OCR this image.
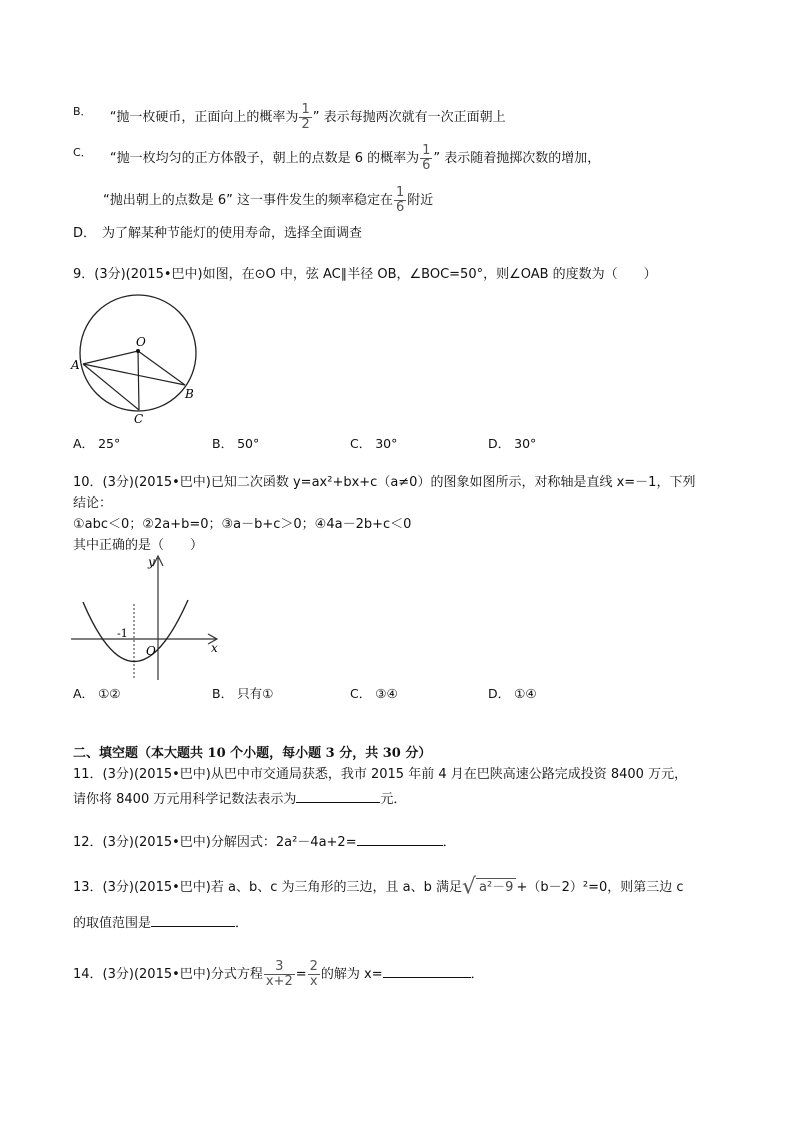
$^{B.}$ “抛一枚硬币，正面向上的概率为 $\frac{1}{2}$ ” 表示每抛两次就有一次正面朝上
$^{C.}$ “抛一枚均匀的正方体骰子，朝上的点数是 6 的概率为 $\frac{1}{6}$ ” 表示随着抛掷次数的增加，
“抛出朝上的点数是 6” 这一事件发生的频率稳定在 $\frac{1}{6}$ 附近
D． 为了解某种节能灯的使用寿命，选择全面调查
9．(3分)(2015•巴中)如图，在⊙O 中，弦 AC∥半径 OB，∠BOC=50°，则∠OAB 的度数为（　　）
O
A
B
C
A． 25°	B． 50°	C． 30°	D． 30°
10．(3分)(2015•巴中)已知二次函数 y=ax²+bx+c（a≠0）的图象如图所示，对称轴是直线 x=－1，下列
结论：
①abc＜0；②2a+b=0；③a－b+c＞0；④4a－2b+c＜0
其中正确的是（　　）
y
x
O
-1
A． ①②	B． 只有①	C． ③④	D． ①④
二、填空题（本大题共 10 个小题，每小题 3 分，共 30 分）
11．(3分)(2015•巴中)从巴中市交通局获悉，我市 2015 年前 4 月在巴陕高速公路完成投资 8400 万元，
请你将 8400 万元用科学记数法表示为	元．
12．(3分)(2015•巴中)分解因式：2a²－4a+2=	．
13．(3分)(2015•巴中)若 a、b、c 为三角形的三边，且 a、b 满足√ a²－9 +（b－2）²=0，则第三边 c
的取值范围是	．
14．(3分)(2015•巴中)分式方程 $\frac{3}{x+2} = \frac{2}{x}$ 的解为 x=	．
